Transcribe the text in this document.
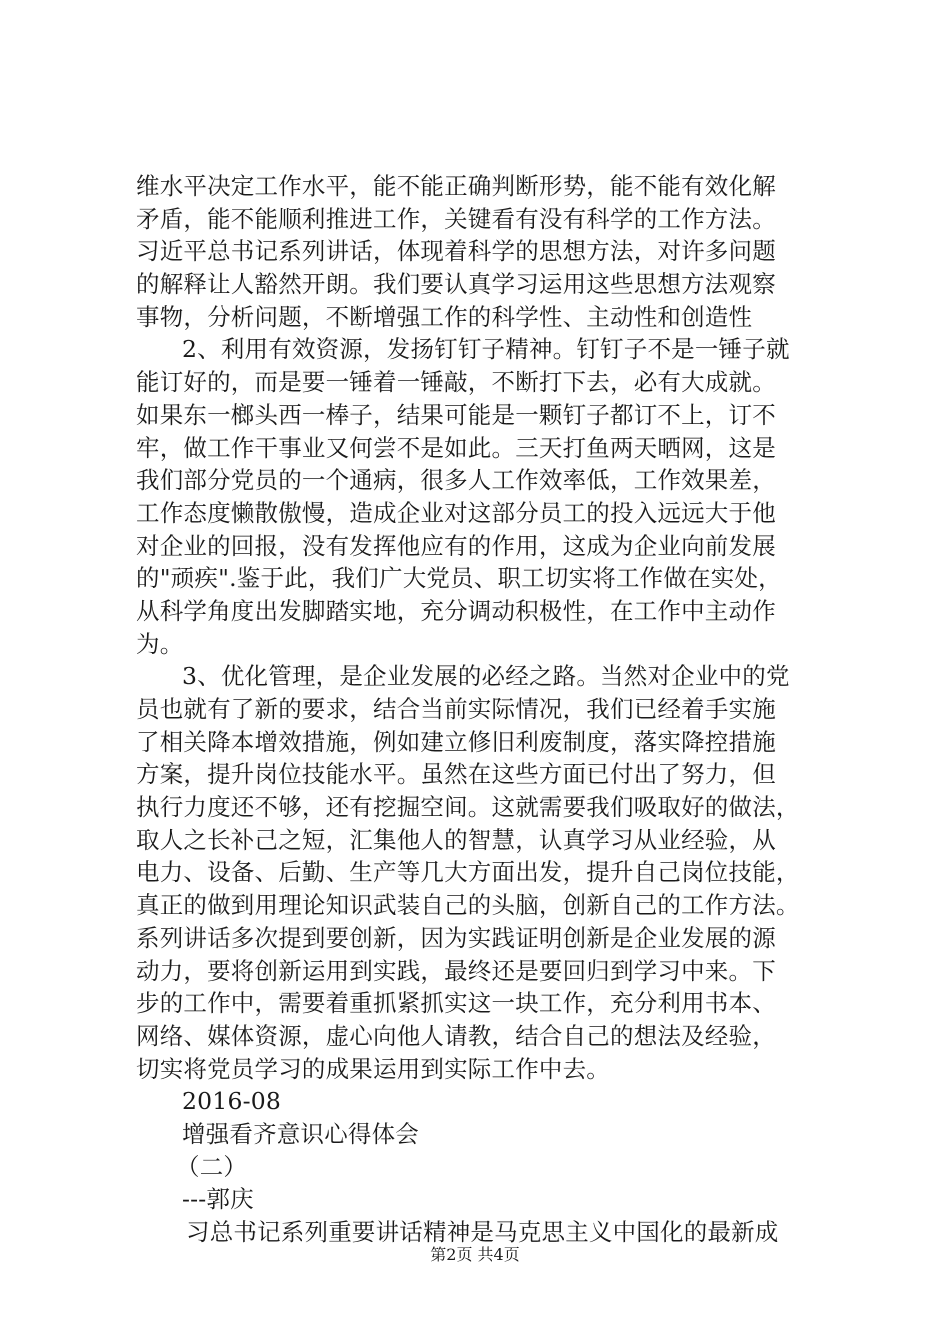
维水平决定工作水平，能不能正确判断形势，能不能有效化解
矛盾，能不能顺利推进工作，关键看有没有科学的工作方法。
习近平总书记系列讲话，体现着科学的思想方法，对许多问题
的解释让人豁然开朗。我们要认真学习运用这些思想方法观察
事物，分析问题，不断增强工作的科学性、主动性和创造性
2、利用有效资源，发扬钉钉子精神。钉钉子不是一锤子就
能订好的，而是要一锤着一锤敲，不断打下去，必有大成就。
如果东一榔头西一棒子，结果可能是一颗钉子都订不上，订不
牢，做工作干事业又何尝不是如此。三天打鱼两天晒网，这是
我们部分党员的一个通病，很多人工作效率低，工作效果差，
工作态度懒散傲慢，造成企业对这部分员工的投入远远大于他
对企业的回报，没有发挥他应有的作用，这成为企业向前发展
的"顽疾".鉴于此，我们广大党员、职工切实将工作做在实处，
从科学角度出发脚踏实地，充分调动积极性，在工作中主动作
为。
3、优化管理，是企业发展的必经之路。当然对企业中的党
员也就有了新的要求，结合当前实际情况，我们已经着手实施
了相关降本增效措施，例如建立修旧利废制度，落实降控措施
方案，提升岗位技能水平。虽然在这些方面已付出了努力，但
执行力度还不够，还有挖掘空间。这就需要我们吸取好的做法，
取人之长补己之短，汇集他人的智慧，认真学习从业经验，从
电力、设备、后勤、生产等几大方面出发，提升自己岗位技能，
真正的做到用理论知识武装自己的头脑，创新自己的工作方法。
系列讲话多次提到要创新，因为实践证明创新是企业发展的源
动力，要将创新运用到实践，最终还是要回归到学习中来。下
步的工作中，需要着重抓紧抓实这一块工作，充分利用书本、
网络、媒体资源，虚心向他人请教，结合自己的想法及经验，
切实将党员学习的成果运用到实际工作中去。
2016-08
增强看齐意识心得体会
（二）
---郭庆
习总书记系列重要讲话精神是马克思主义中国化的最新成
第2页 共4页
